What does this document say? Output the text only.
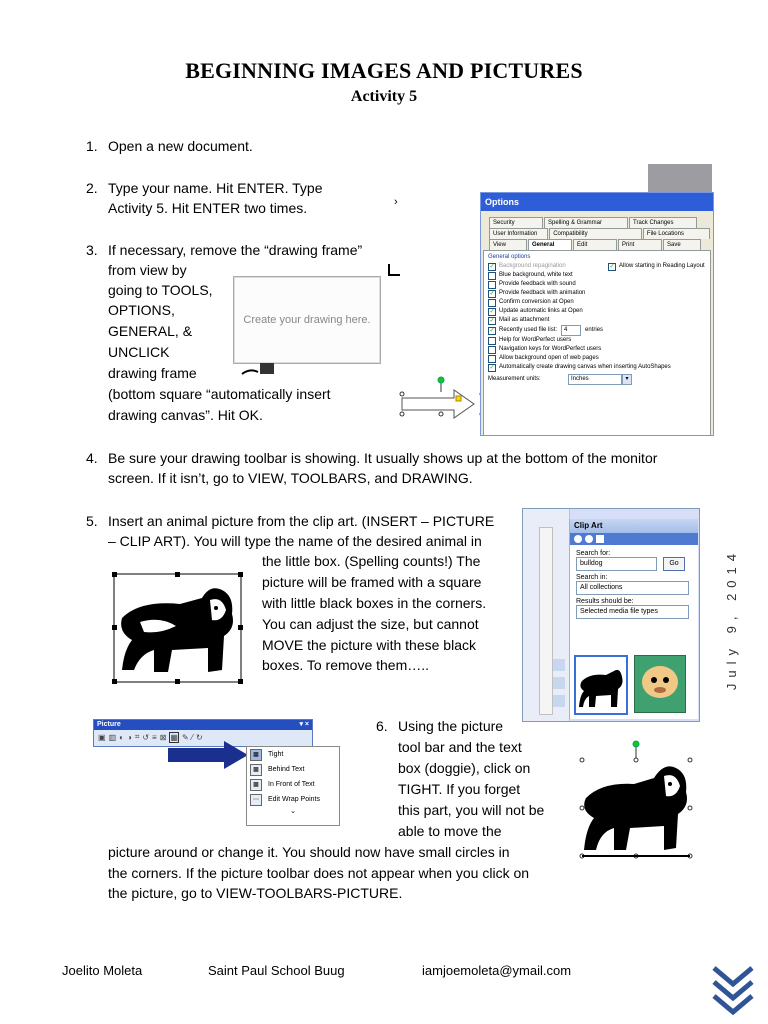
BEGINNING IMAGES AND PICTURES
Activity 5
1. Open a new document.
2. Type your name. Hit ENTER. Type
Activity 5. Hit ENTER two times.	›
3. If necessary, remove the “drawing frame”
from view by
going to TOOLS,
OPTIONS,
GENERAL, &
UNCLICK
drawing frame
(bottom square “automatically insert
drawing canvas”. Hit OK.
Create your drawing here.
Options
Security	Spelling & Grammar	Track Changes
User Information	Compatibility	File Locations
View	General	Edit	Print	Save
General options
✓ Background repagination	✓ Allow starting in Reading Layout
Blue background, white text
Provide feedback with sound
✓ Provide feedback with animation
Confirm conversion at Open
✓ Update automatic links at Open
✓ Mail as attachment
✓ Recently used file list:	4	entries
Help for WordPerfect users
Navigation keys for WordPerfect users
Allow background open of web pages
✓ Automatically create drawing canvas when inserting AutoShapes
Measurement units:	Inches	▾
4. Be sure your drawing toolbar is showing. It usually shows up at the bottom of the monitor
screen. If it isn’t, go to VIEW, TOOLBARS, and DRAWING.
5. Insert an animal picture from the clip art. (INSERT – PICTURE
– CLIP ART). You will type the name of the desired animal in
the little box. (Spelling counts!) The
picture will be framed with a square
with little black boxes in the corners.
You can adjust the size, but cannot
MOVE the picture with these black
boxes. To remove them…..
Clip Art
Search for:
bulldog	Go
Search in:
All collections
Results should be:
Selected media file types
Picture	▾ ×
▣ ▥ ◐ ◑ ⌗ ↺ ≡ ⊠ ▦ ✎ ⁄ ↻
▩	Tight
▩	Behind Text
▩	In Front of Text
⋯	Edit Wrap Points
⌄
6. Using the picture
tool bar and the text
box (doggie), click on
TIGHT. If you forget
this part, you will not be
able to move the
picture around or change it. You should now have small circles in
the corners. If the picture toolbar does not appear when you click on
the picture, go to VIEW-TOOLBARS-PICTURE.
July 9, 2014
Joelito Moleta	Saint Paul School Buug	iamjoemoleta@ymail.com
